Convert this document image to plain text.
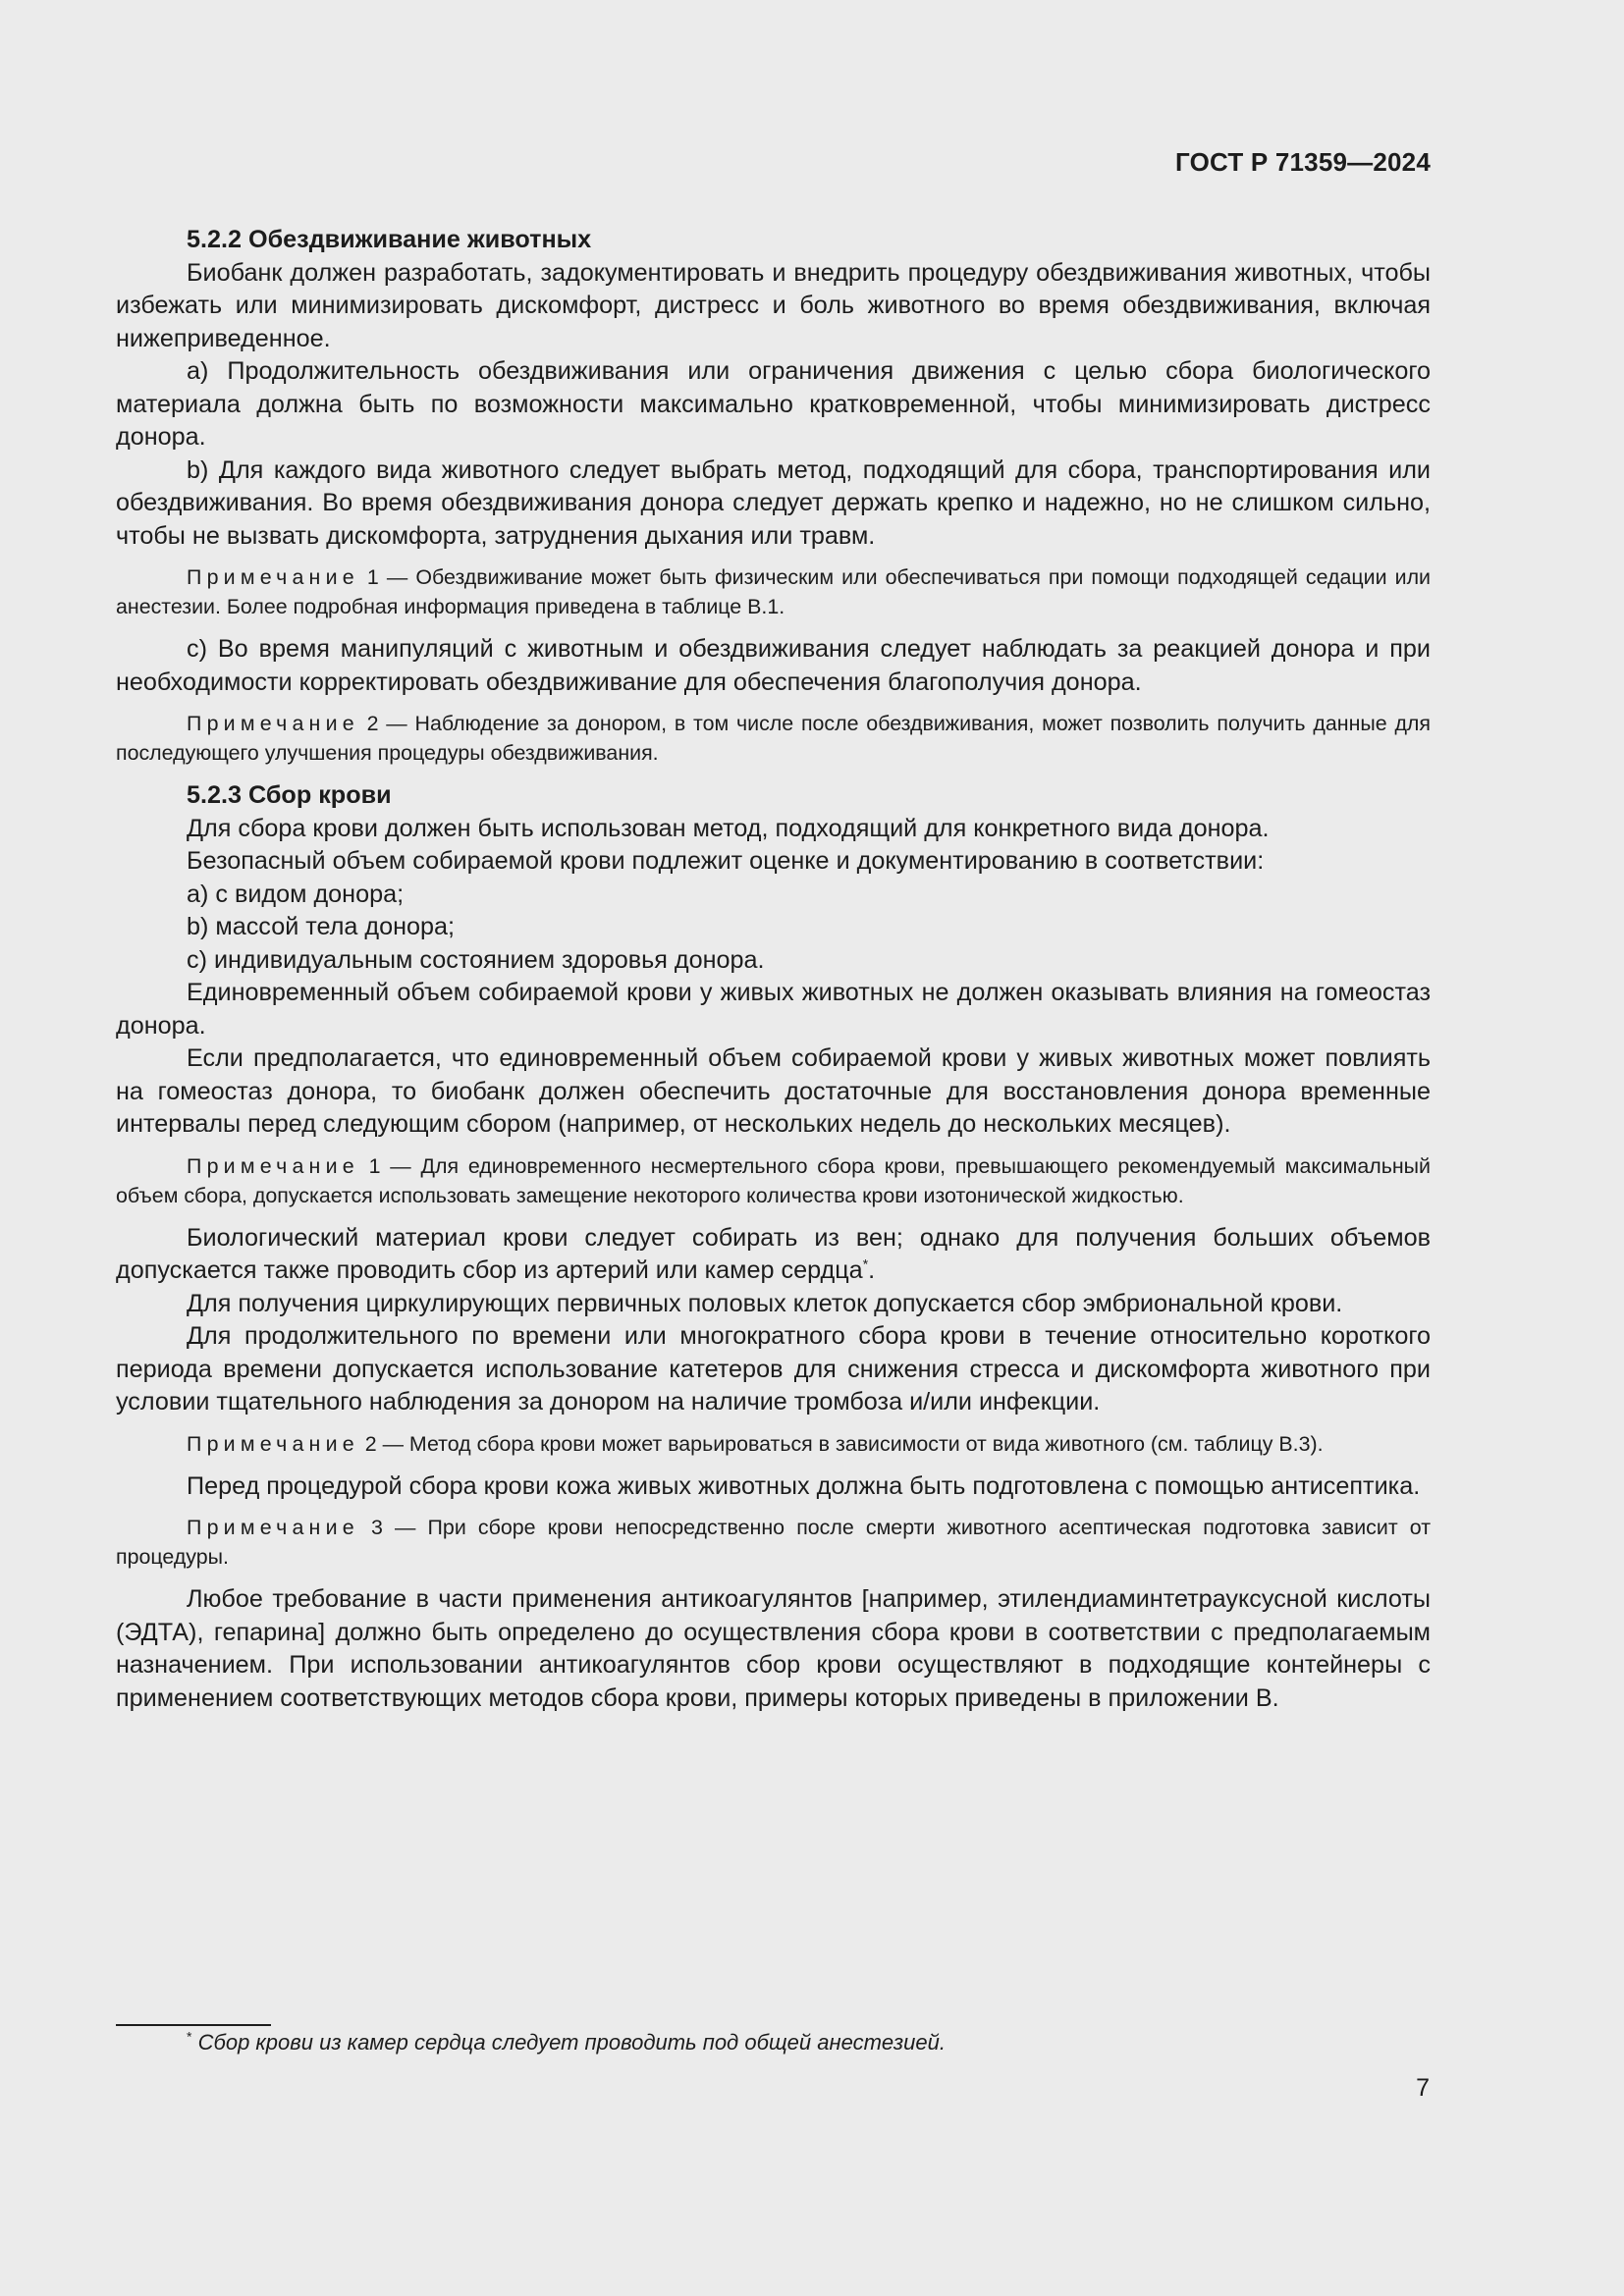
ГОСТ Р 71359—2024
5.2.2 Обездвиживание животных

Биобанк должен разработать, задокументировать и внедрить процедуру обездвиживания животных, чтобы избежать или минимизировать дискомфорт, дистресс и боль животного во время обездвиживания, включая нижеприведенное.

a) Продолжительность обездвиживания или ограничения движения с целью сбора биологического материала должна быть по возможности максимально кратковременной, чтобы минимизировать дистресс донора.

b) Для каждого вида животного следует выбрать метод, подходящий для сбора, транспортирования или обездвиживания. Во время обездвиживания донора следует держать крепко и надежно, но не слишком сильно, чтобы не вызвать дискомфорта, затруднения дыхания или травм.

Примечание 1 — Обездвиживание может быть физическим или обеспечиваться при помощи подходящей седации или анестезии. Более подробная информация приведена в таблице В.1.

c) Во время манипуляций с животным и обездвиживания следует наблюдать за реакцией донора и при необходимости корректировать обездвиживание для обеспечения благополучия донора.

Примечание 2 — Наблюдение за донором, в том числе после обездвиживания, может позволить получить данные для последующего улучшения процедуры обездвиживания.
5.2.3 Сбор крови

Для сбора крови должен быть использован метод, подходящий для конкретного вида донора.

Безопасный объем собираемой крови подлежит оценке и документированию в соответствии:

a) с видом донора;

b) массой тела донора;

c) индивидуальным состоянием здоровья донора.

Единовременный объем собираемой крови у живых животных не должен оказывать влияния на гомеостаз донора.

Если предполагается, что единовременный объем собираемой крови у живых животных может повлиять на гомеостаз донора, то биобанк должен обеспечить достаточные для восстановления донора временные интервалы перед следующим сбором (например, от нескольких недель до нескольких месяцев).

Примечание 1 — Для единовременного несмертельного сбора крови, превышающего рекомендуемый максимальный объем сбора, допускается использовать замещение некоторого количества крови изотонической жидкостью.

Биологический материал крови следует собирать из вен; однако для получения больших объемов допускается также проводить сбор из артерий или камер сердца*.

Для получения циркулирующих первичных половых клеток допускается сбор эмбриональной крови.

Для продолжительного по времени или многократного сбора крови в течение относительно короткого периода времени допускается использование катетеров для снижения стресса и дискомфорта животного при условии тщательного наблюдения за донором на наличие тромбоза и/или инфекции.

Примечание 2 — Метод сбора крови может варьироваться в зависимости от вида животного (см. таблицу В.3).

Перед процедурой сбора крови кожа живых животных должна быть подготовлена с помощью антисептика.

Примечание 3 — При сборе крови непосредственно после смерти животного асептическая подготовка зависит от процедуры.

Любое требование в части применения антикоагулянтов [например, этилендиаминтетрауксусной кислоты (ЭДТА), гепарина] должно быть определено до осуществления сбора крови в соответствии с предполагаемым назначением. При использовании антикоагулянтов сбор крови осуществляют в подходящие контейнеры с применением соответствующих методов сбора крови, примеры которых приведены в приложении В.

* Сбор крови из камер сердца следует проводить под общей анестезией.
7
